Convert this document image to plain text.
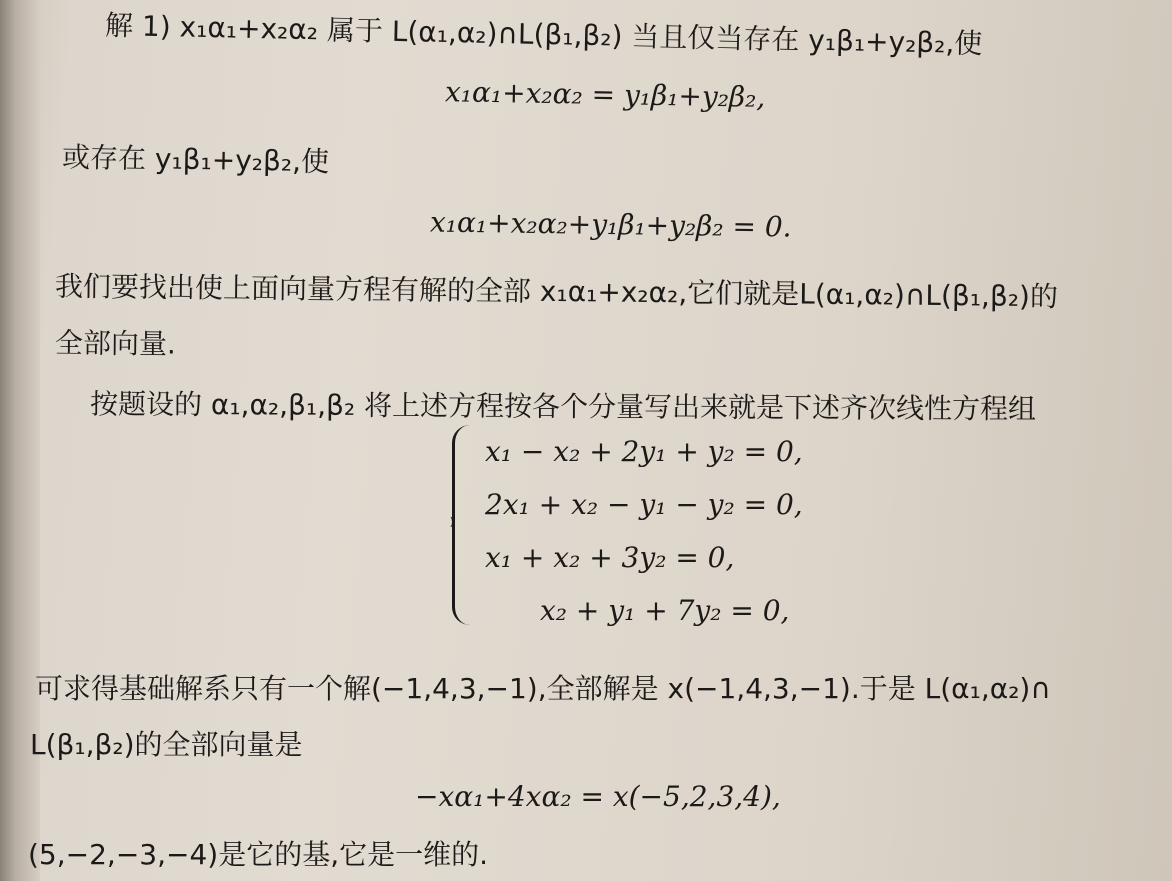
解 1) x₁α₁+x₂α₂ 属于 L(α₁,α₂)∩L(β₁,β₂) 当且仅当存在 y₁β₁+y₂β₂,使
x₁α₁+x₂α₂ = y₁β₁+y₂β₂,
或存在 y₁β₁+y₂β₂,使
x₁α₁+x₂α₂+y₁β₁+y₂β₂ = 0.
我们要找出使上面向量方程有解的全部 x₁α₁+x₂α₂,它们就是L(α₁,α₂)∩L(β₁,β₂)的
全部向量.
按题设的 α₁,α₂,β₁,β₂ 将上述方程按各个分量写出来就是下述齐次线性方程组
x₁ − x₂ + 2y₁ + y₂ = 0,
2x₁ + x₂ − y₁ − y₂ = 0,
x₁ + x₂ + 3y₂ = 0,
x₂ + y₁ + 7y₂ = 0,
可求得基础解系只有一个解(−1,4,3,−1),全部解是 x(−1,4,3,−1).于是 L(α₁,α₂)∩
L(β₁,β₂)的全部向量是
−xα₁+4xα₂ = x(−5,2,3,4),
(5,−2,−3,−4)是它的基,它是一维的.
